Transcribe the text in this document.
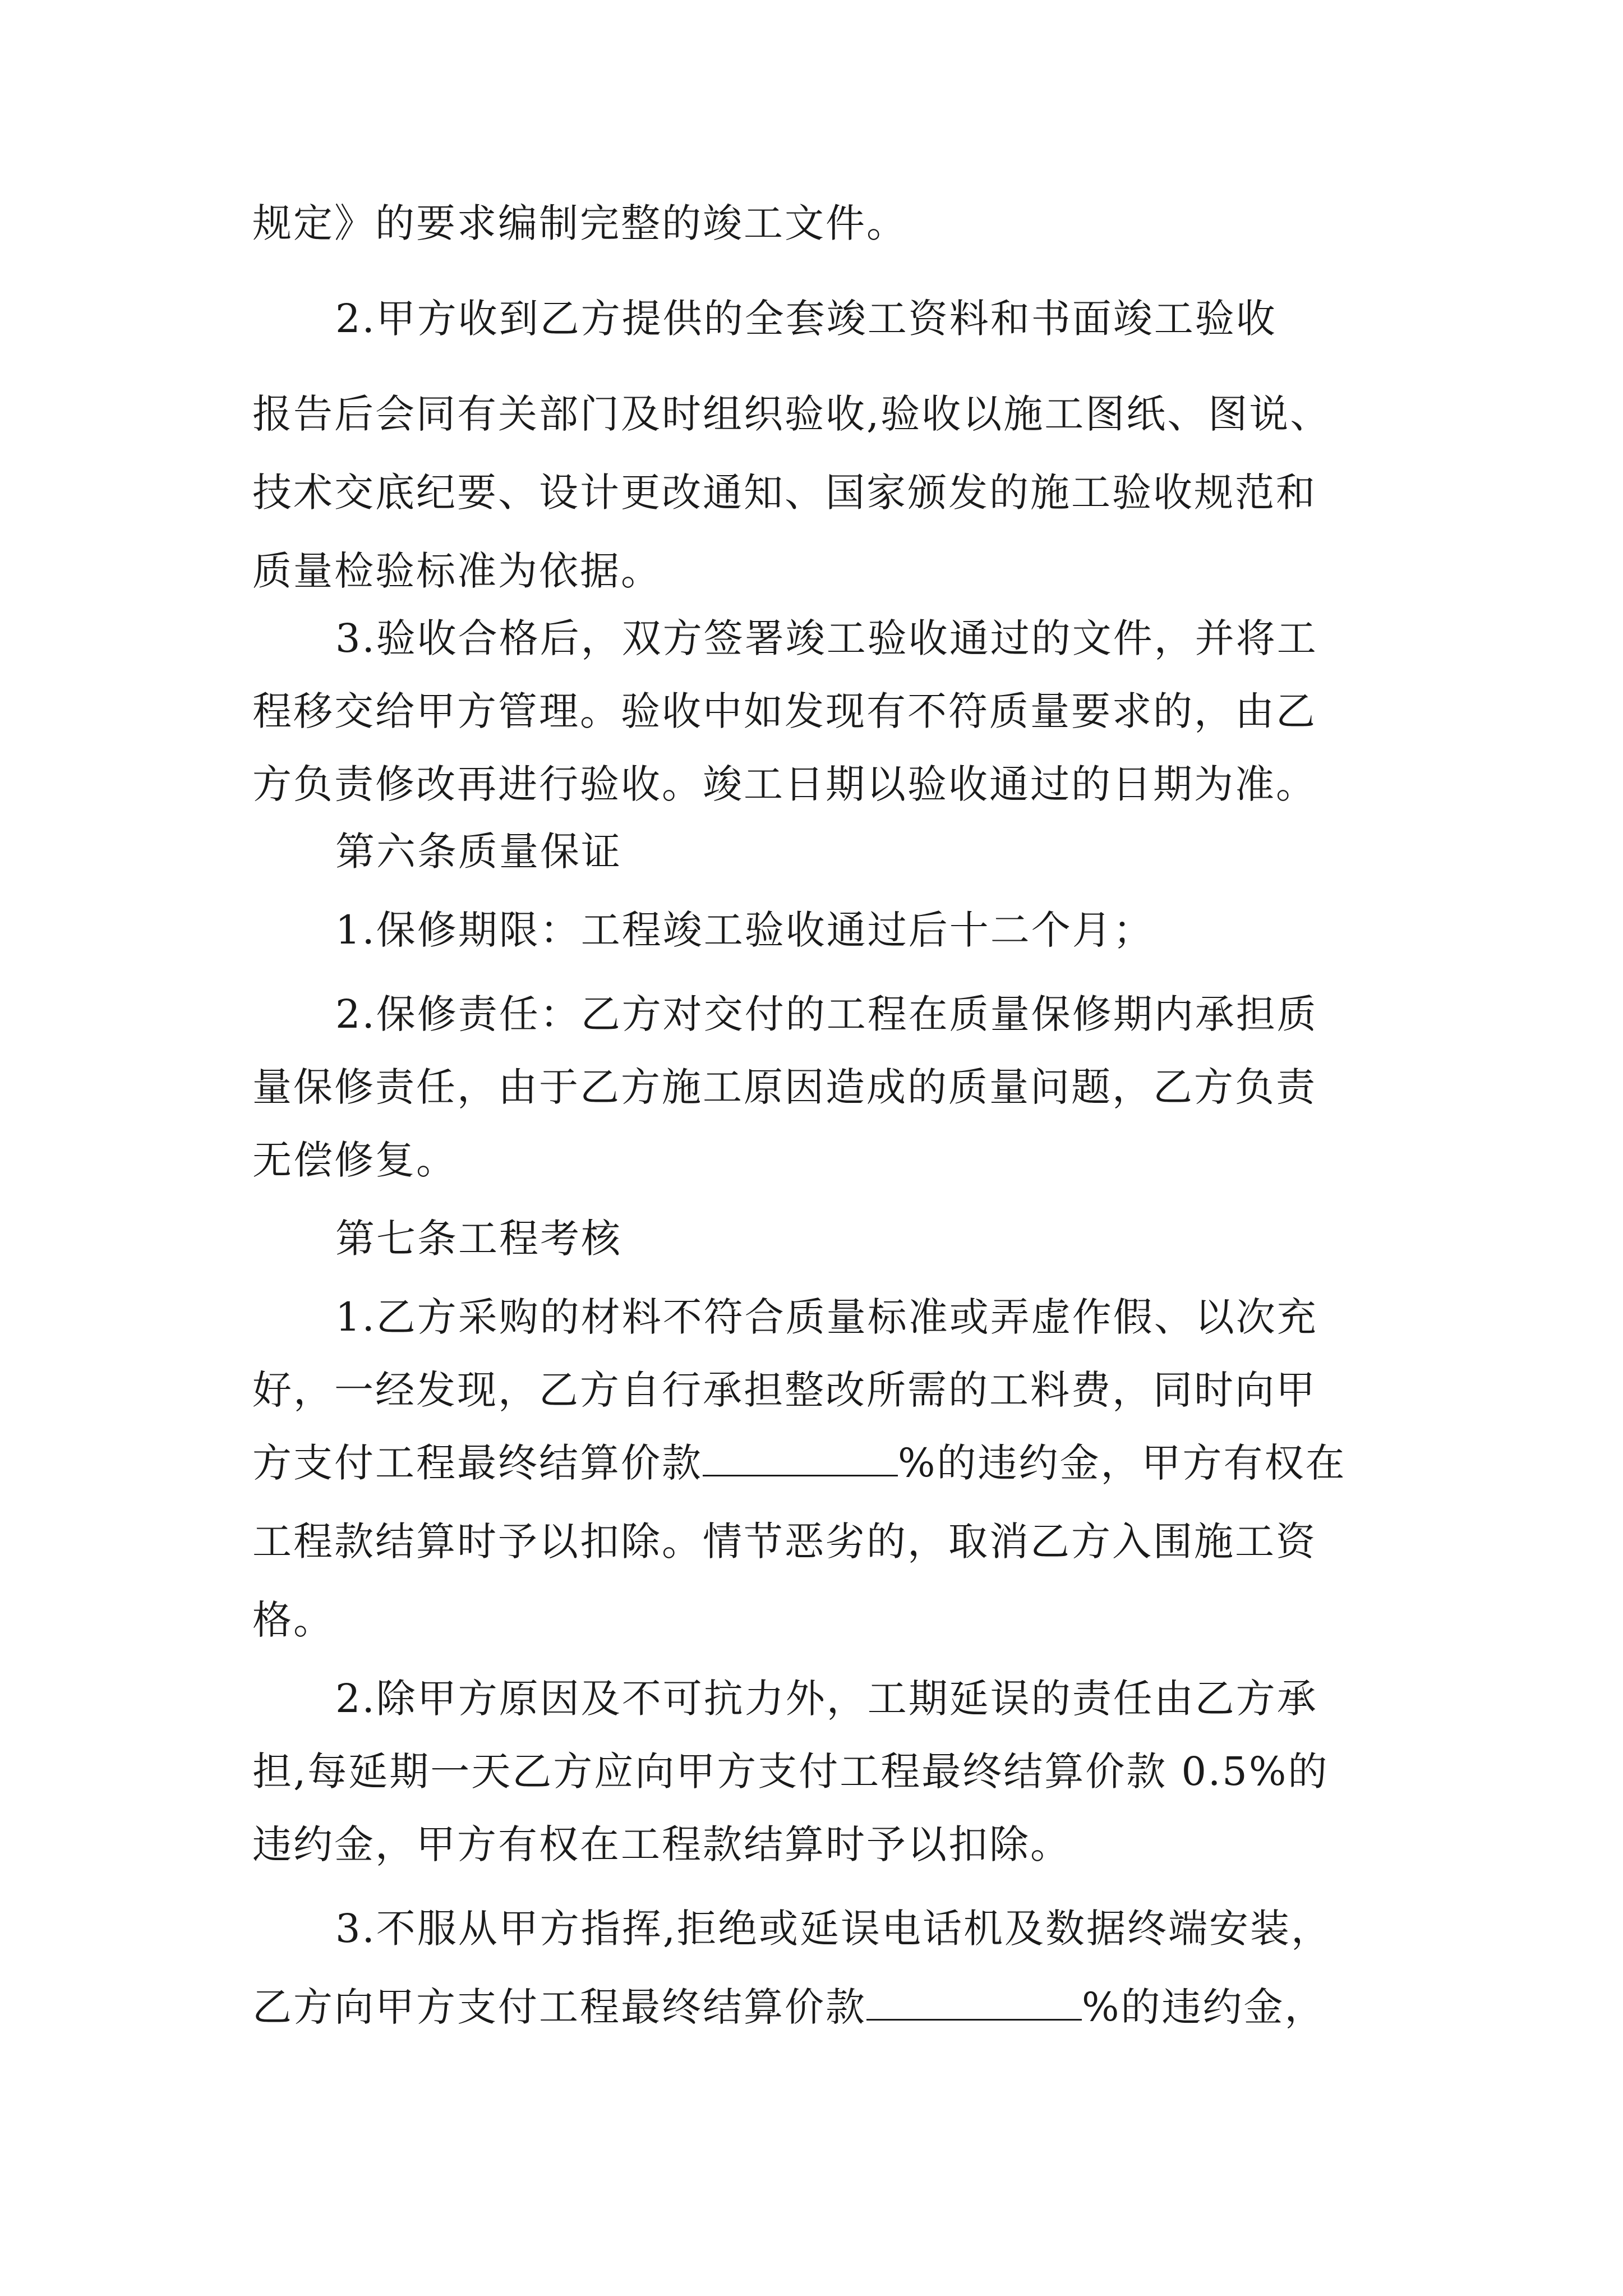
规定》的要求编制完整的竣工文件。
2.甲方收到乙方提供的全套竣工资料和书面竣工验收
报告后会同有关部门及时组织验收,验收以施工图纸、图说、
技术交底纪要、设计更改通知、国家颁发的施工验收规范和
质量检验标准为依据。
3.验收合格后，双方签署竣工验收通过的文件，并将工
程移交给甲方管理。验收中如发现有不符质量要求的，由乙
方负责修改再进行验收。竣工日期以验收通过的日期为准。
第六条质量保证
1.保修期限：工程竣工验收通过后十二个月；
2.保修责任：乙方对交付的工程在质量保修期内承担质
量保修责任，由于乙方施工原因造成的质量问题，乙方负责
无偿修复。
第七条工程考核
1.乙方采购的材料不符合质量标准或弄虚作假、以次充
好，一经发现，乙方自行承担整改所需的工料费，同时向甲
方支付工程最终结算价款	%的违约金，甲方有权在
工程款结算时予以扣除。情节恶劣的，取消乙方入围施工资
格。
2.除甲方原因及不可抗力外，工期延误的责任由乙方承
担,每延期一天乙方应向甲方支付工程最终结算价款 0.5%的
违约金，甲方有权在工程款结算时予以扣除。
3.不服从甲方指挥,拒绝或延误电话机及数据终端安装，
乙方向甲方支付工程最终结算价款	%的违约金，
